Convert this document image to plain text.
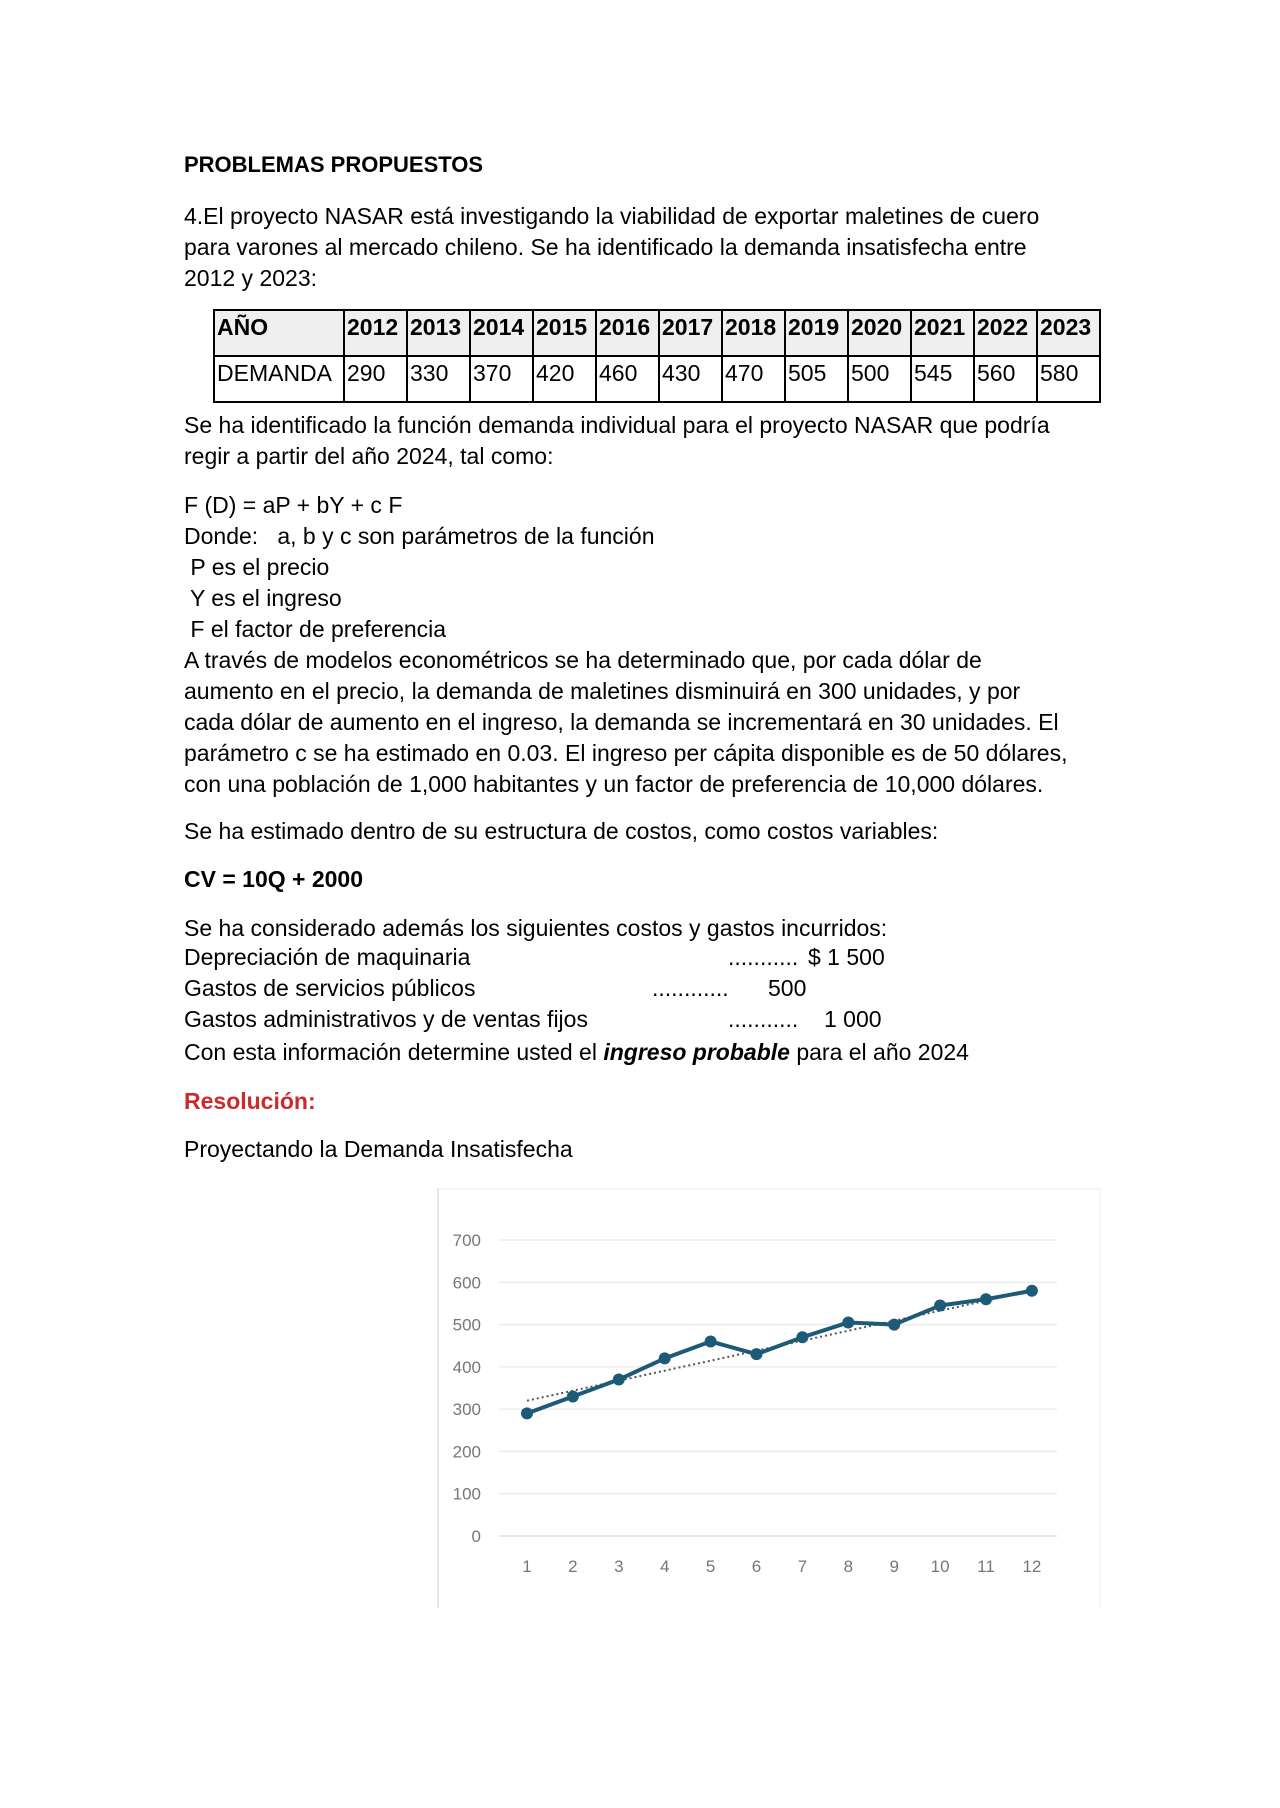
PROBLEMAS PROPUESTOS

4.El proyecto NASAR está investigando la viabilidad de exportar maletines de cuero
para varones al mercado chileno. Se ha identificado la demanda insatisfecha entre
2012 y 2023:

AÑO	2012	2013	2014	2015	2016	2017	2018	2019	2020	2021	2022	2023
DEMANDA	290	330	370	420	460	430	470	505	500	545	560	580

Se ha identificado la función demanda individual para el proyecto NASAR que podría
regir a partir del año 2024, tal como:

F (D) = aP + bY + c F
Donde:   a, b y c son parámetros de la función
P es el precio
Y es el ingreso
F el factor de preferencia
A través de modelos econométricos se ha determinado que, por cada dólar de
aumento en el precio, la demanda de maletines disminuirá en 300 unidades, y por
cada dólar de aumento en el ingreso, la demanda se incrementará en 30 unidades. El
parámetro c se ha estimado en 0.03. El ingreso per cápita disponible es de 50 dólares,
con una población de 1,000 habitantes y un factor de preferencia de 10,000 dólares.

Se ha estimado dentro de su estructura de costos, como costos variables:

CV = 10Q + 2000

Se ha considerado además los siguientes costos y gastos incurridos:

Depreciación de maquinaria	........... $ 1 500
Gastos de servicios públicos	............ 500
Gastos administrativos y de ventas fijos	........... 1 000

Con esta información determine usted el ingreso probable para el año 2024

Resolución:

Proyectando la Demanda Insatisfecha

0
100
200
300
400
500
600
700
1 2 3 4 5 6 7 8 9 10 11 12
